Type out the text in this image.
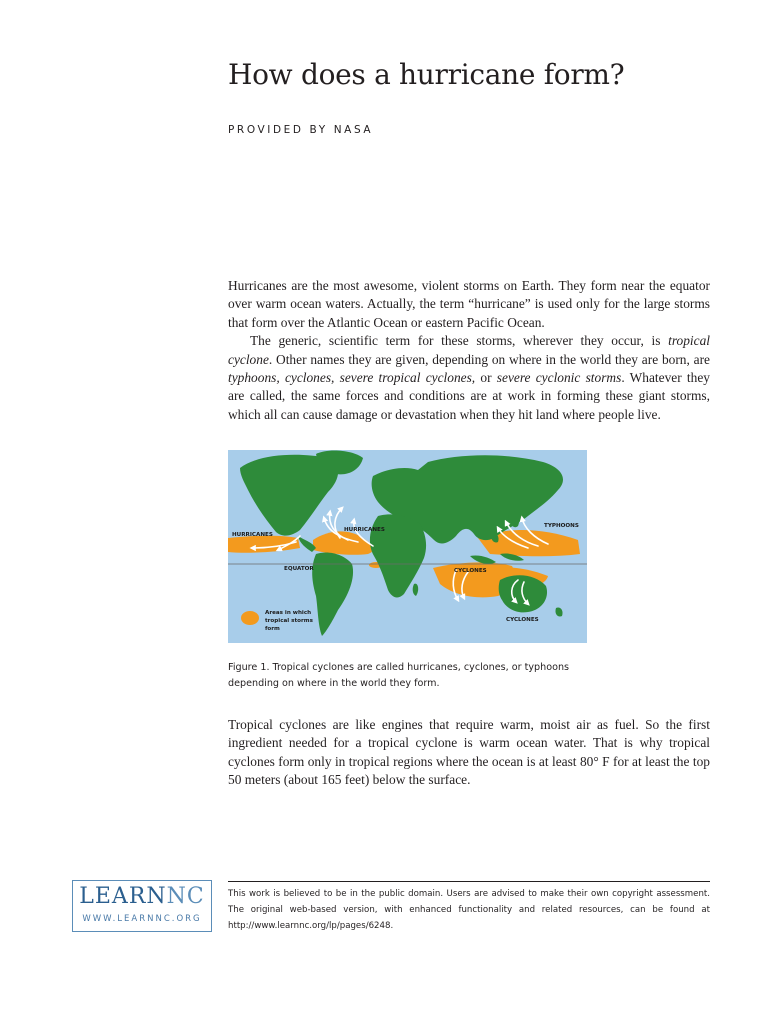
How does a hurricane form?
PROVIDED BY NASA

Hurricanes are the most awesome, violent storms on Earth. They form near the equator over warm ocean waters. Actually, the term “hurricane” is used only for the large storms that form over the Atlantic Ocean or eastern Pacific Ocean.

The generic, scientific term for these storms, wherever they occur, is tropical cyclone. Other names they are given, depending on where in the world they are born, are typhoons, cyclones, severe tropical cyclones, or severe cyclonic storms. Whatever they are called, the same forces and conditions are at work in forming these giant storms, which all can cause damage or devastation when they hit land where people live.

HURRICANES
HURRICANES
TYPHOONS
EQUATOR	CYCLONES
CYCLONES
Areas in which
tropical storms
form
Figure 1. Tropical cyclones are called hurricanes, cyclones, or typhoons depending on where in the world they form.

Tropical cyclones are like engines that require warm, moist air as fuel. So the first ingredient needed for a tropical cyclone is warm ocean water. That is why tropical cyclones form only in tropical regions where the ocean is at least 80° F for at least the top 50 meters (about 165 feet) below the surface.

LEARNNC
WWW.LEARNNC.ORG
This work is believed to be in the public domain. Users are advised to make their own copyright assessment. The original web-based version, with enhanced functionality and related resources, can be found at http://www.learnnc.org/lp/pages/6248.
